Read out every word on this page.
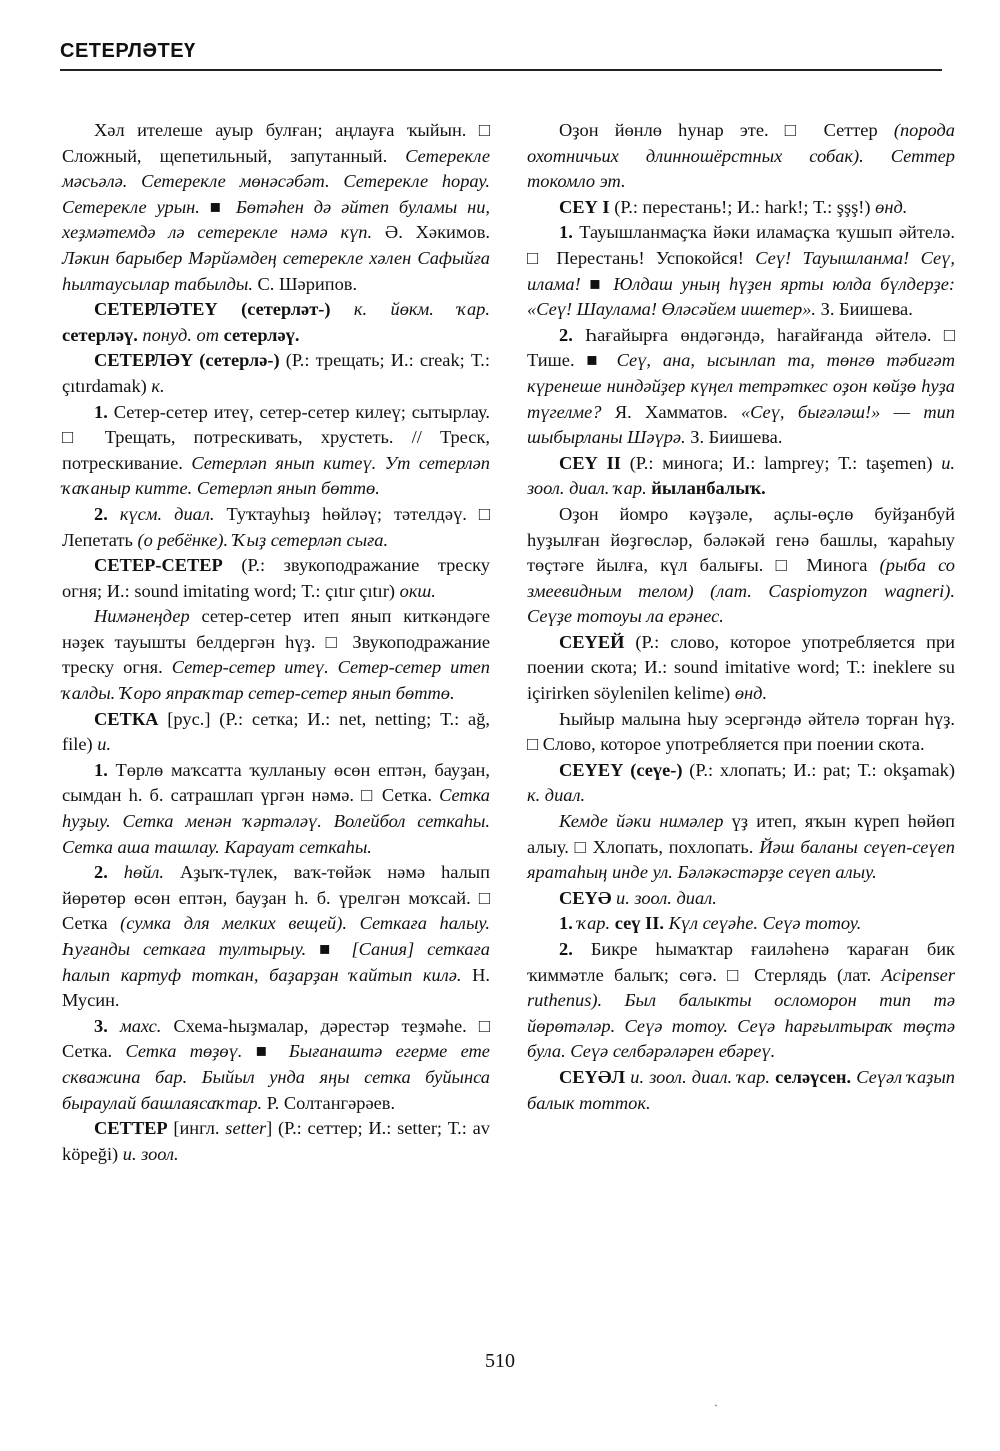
СЕТЕРЛӘТЕҮ

Хәл ителеше ауыр булған; аңлауға ҡыйын. □ Сложный, щепетильный, запутанный. Сетерекле мәсьәлә. Сетерекле мөнәсәбәт. Сетерекле һорау. Сетерекле урын. ■ Бөтәһен дә әйтеп буламы ни, хеҙмәтемдә лә сетерекле нәмә күп. Ә. Хәкимов. Ләкин барыбер Мәрйәмдең сетерекле хәлен Сафыйға һылтаусылар табылды. С. Шәрипов.

СЕТЕРЛӘТЕҮ (сетерләт-) к. йөкм. ҡар. сетерләү. понуд. от сетерләү.

СЕТЕРЛӘҮ (сетерлә-) (Р.: трещать; И.: creak; Т.: çıtırdamak) к.

1. Сетер-сетер итеү, сетер-сетер килеү; сытырлау. □ Трещать, потрескивать, хрустеть. // Треск, потрескивание. Сетерләп янып китеү. Ут сетерләп ҡаҡаныр китте. Сетерләп янып бөттө.

2. күсм. диал. Туҡтауһыҙ һөйләү; тәтелдәү. □ Лепетать (о ребёнке). Ҡыҙ сетерләп сыға.

СЕТЕР-СЕТЕР (Р.: звукоподражание треску огня; И.: sound imitating word; Т.: çıtır çıtır) окш.

Нимәнеңдер сетер-сетер итеп янып киткәндәге нәҙек тауышты белдергән һүҙ. □ Звукоподражание треску огня. Сетер-сетер итеү. Сетер-сетер итеп ҡалды. Ҡоро япраҡтар сетер-сетер янып бөттө.

СЕТКА [рус.] (Р.: сетка; И.: net, netting; Т.: ağ, file) и.

1. Төрлө маҡсатта ҡулланыу өсөн ептән, бауҙан, сымдан һ. б. сатрашлап үргән нәмә. □ Сетка. Сетка һуҙыу. Сетка менән ҡәртәләү. Волейбол сеткаһы. Сетка аша ташлау. Карауат сеткаһы.

2. һөйл. Аҙыҡ-түлек, вaҡ-төйәк нәмә һалып йөрөтөр өсөн ептән, бауҙан һ. б. үрелгән моҡсай. □ Сетка (сумка для мелких вещей). Сеткаға һалыу. Һуғанды сеткаға тултырыу. ■ [Сания] сеткаға һалып картуф тоткан, баҙарҙан ҡайтып килә. Н. Мусин.

3. махс. Схема-һыҙмалар, дәрестәр теҙмәһе. □ Сетка. Сетка төҙөү. ■ Бығанаштә егерме ете скважина бар. Быйыл унда яңы сетка буйынса быраулай башлаясаҡтар. Р. Солтангәрәев.

СЕТТЕР [ингл. setter] (Р.: сеттер; И.: setter; Т.: av köpeği) и. зоол.

Оҙон йөнлө һунар эте. □ Сеттер (порода охотничьих длинношёрстных собак). Сеттер токомло эт.

СЕҮ I (Р.: перестань!; И.: hark!; Т.: şşş!) өнд.

1. Тауышланмаҫҡа йәки иламаҫҡа ҡушып әйтелә. □ Перестань! Успокойся! Сеү! Тауышланма! Сеү, илама! ■ Юлдаш уның һүҙен ярты юлда бүлдерҙе: «Сеү! Шаулама! Өләсәйем ишетер». З. Биишева.

2. Һағайырға өндәгәндә, һағайғанда әйтелә. □ Тише. ■ Сеү, ана, ысынлап та, төнгө тәбиғәт күренеше ниндәйҙер күңел тетрәткес оҙон көйҙө һуҙа түгелме? Я. Хамматов. «Сеү, бығәләш!» — тип шыбырланы Шәүрә. З. Биишева.

СЕҮ II (Р.: минога; И.: lamprey; Т.: taşemen) и. зоол. диал. ҡар. йыланбалыҡ.

Оҙон йомро кәүҙәле, аҫлы-өҫлө буйҙанбуй һуҙылған йөҙгөсләр, бәләкәй генә башлы, ҡараһыу төҫтәге йылға, күл балығы. □ Минога (рыба со змеевидным телом) (лат. Caspiomyzon wagneri). Сеүҙе тотоуы ла ерәнес.

СЕҮЕЙ (Р.: слово, которое употребляется при поении скота; И.: sound imitative word; Т.: ineklere su içirirken söylenilen kelime) өнд.

Һыйыр малына һыу эсергәндә әйтелә торған һүҙ. □ Слово, которое употребляется при поении скота.

СЕҮЕҮ (сеүе-) (Р.: хлопать; И.: pat; Т.: okşamak) к. диал.

Кемде йәки нимәлер үҙ итеп, яҡын күреп һөйөп алыу. □ Хлопать, похлопать. Йәш баланы сеүеп-сеүеп яратаһың инде ул. Бәләкәстәрҙе сеүеп алыу.

СЕҮӘ и. зоол. диал.

1. ҡар. сеү II. Күл сеүәһе. Сеүә тотоу.

2. Бикре һымаҡтар ғаиләһенә ҡараған бик ҡиммәтле балыҡ; сөгә. □ Стерлядь (лат. Acipenser ruthenus). Был балыкты осломорон тип тә йөрөтәләр. Сеүә тотоу. Сеүә һарғылтыраҡ төҫтә була. Сеүә селбәрәләрен ебәреү.

СЕҮӘЛ и. зоол. диал. ҡар. селәүсен. Сеүәл ҡаҙып балык тотток.

510
`
